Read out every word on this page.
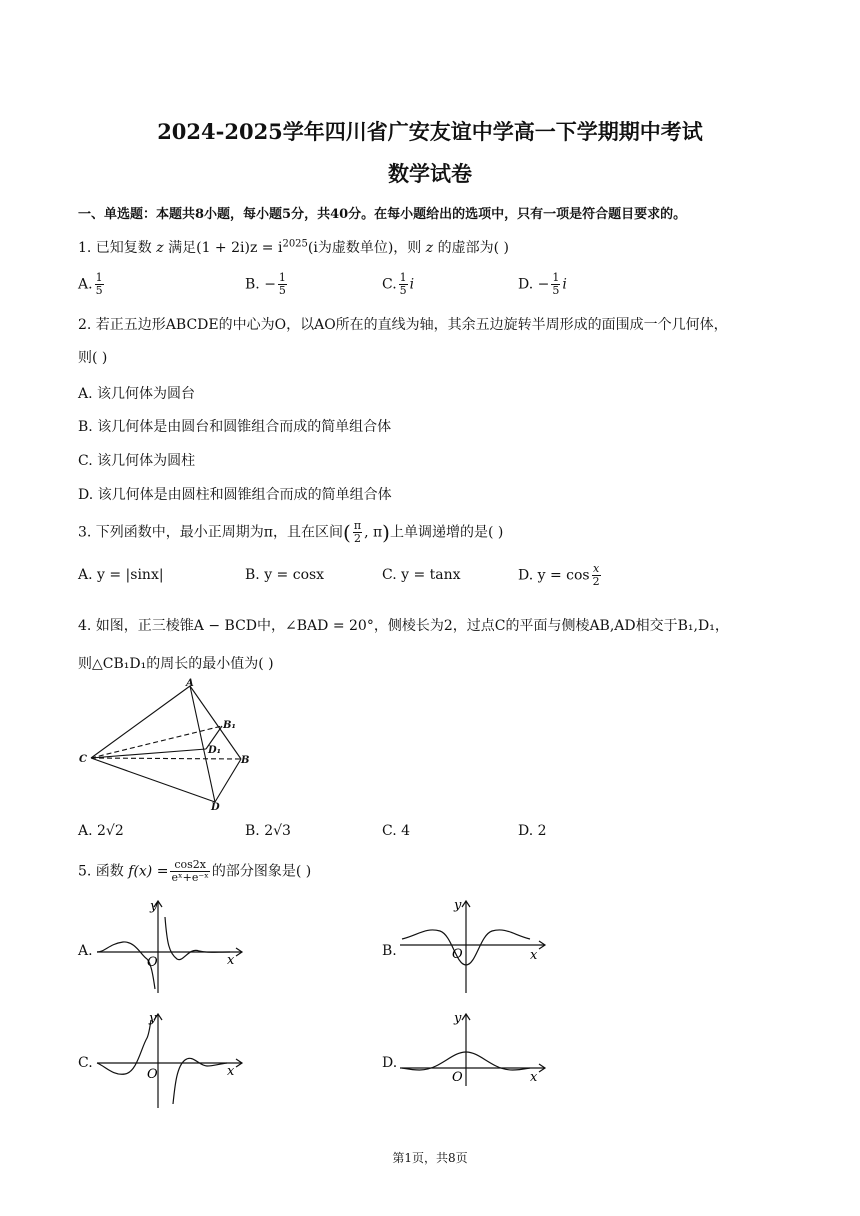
2024-2025学年四川省广安友谊中学高一下学期期中考试
数学试卷
一、单选题：本题共8小题，每小题5分，共40分。在每小题给出的选项中，只有一项是符合题目要求的。
1. 已知复数 z 满足$(1 + 2i)z = i^{2025}(i$为虚数单位)，则 z 的虚部为( )
A. $\frac{1}{5}$	B. − $\frac{1}{5}$	C. $\frac{1}{5}$ i	D. − $\frac{1}{5}$ i
2. 若正五边形ABCDE的中心为O，以AO所在的直线为轴，其余五边旋转半周形成的面围成一个几何体，
则( )
A. 该几何体为圆台
B. 该几何体是由圆台和圆锥组合而成的简单组合体
C. 该几何体为圆柱
D. 该几何体是由圆柱和圆锥组合而成的简单组合体
3. 下列函数中，最小正周期为π，且在区间( $\frac{\pi}{2}$ , π)上单调递增的是( )
A. y = |sinx|	B. y = cosx	C. y = tanx	D. $y = \cos \frac{x}{2}$
4. 如图，正三棱锥A − BCD中，∠BAD = 20°，侧棱长为2，过点C的平面与侧棱AB,AD相交于B₁,D₁，
则△CB₁D₁的周长的最小值为( )
A
B₁
D₁
C	B
D
A. 2√2	B. 2√3	C. 4	D. 2
5. 函数 $f(x) = \frac{\cos 2x}{\text{eˣ+e⁻ˣ}}$ 的部分图象是( )
A.
O	x
y
B.	O	x
y
C.
O	x
y
D.
O	x
y
第1页，共8页
